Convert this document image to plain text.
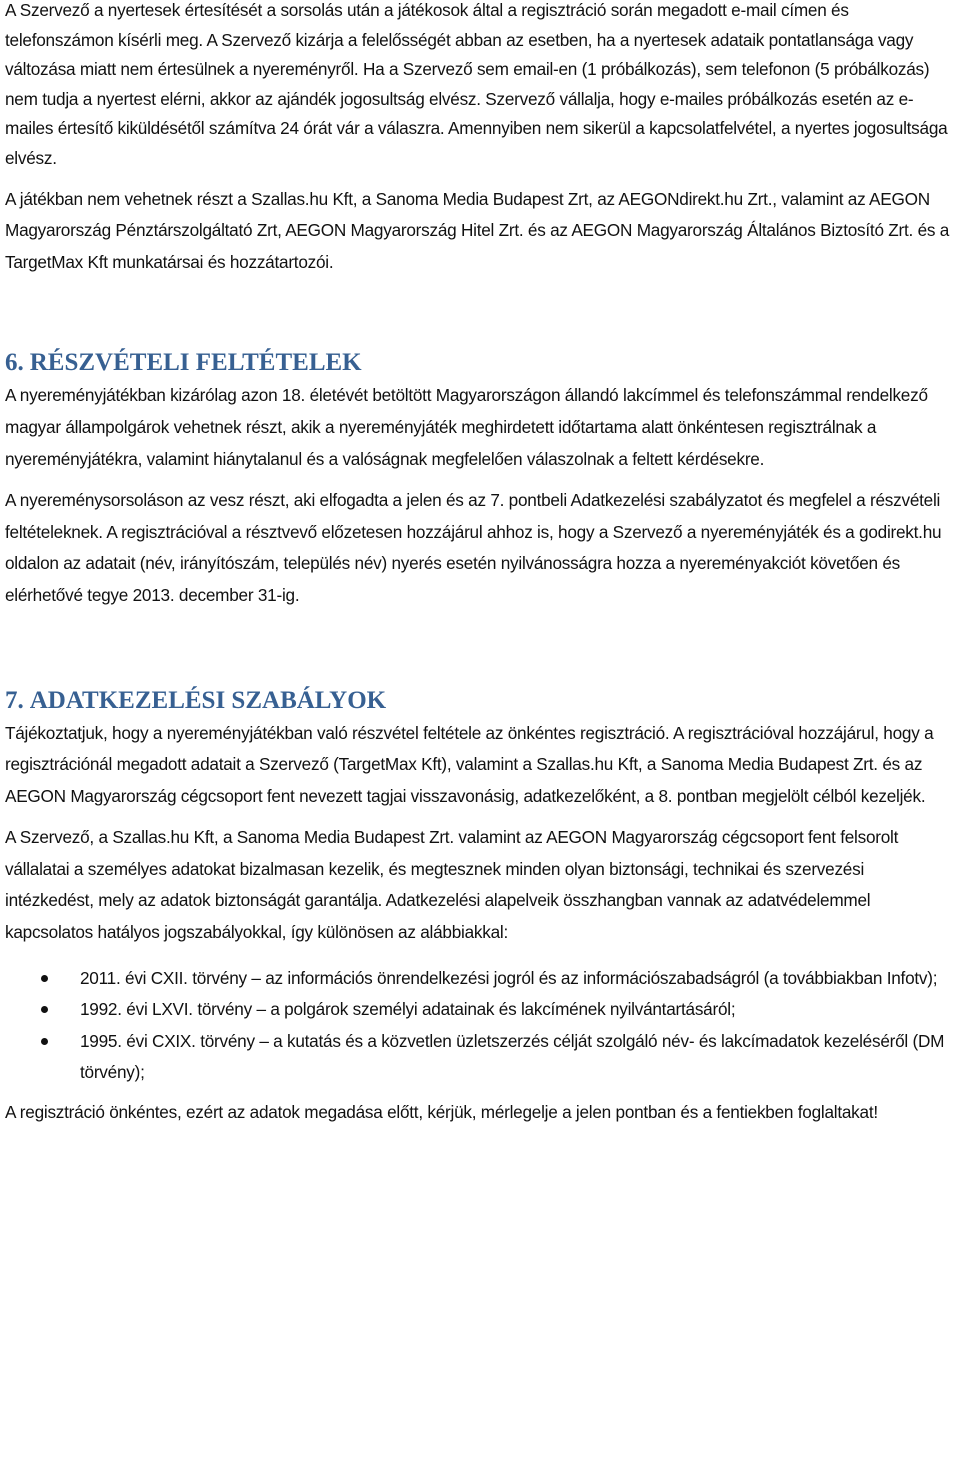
A Szervező a nyertesek értesítését a sorsolás után a játékosok által a regisztráció során megadott e-mail címen és telefonszámon kísérli meg. A Szervező kizárja a felelősségét abban az esetben, ha a nyertesek adataik pontatlansága vagy változása miatt nem értesülnek a nyereményről. Ha a Szervező sem email-en (1 próbálkozás), sem telefonon (5 próbálkozás) nem tudja a nyertest elérni, akkor az ajándék jogosultság elvész. Szervező vállalja, hogy e-mailes próbálkozás esetén az e-mailes értesítő kiküldésétől számítva 24 órát vár a válaszra. Amennyiben nem sikerül a kapcsolatfelvétel, a nyertes jogosultsága elvész.

A játékban nem vehetnek részt a Szallas.hu Kft, a Sanoma Media Budapest Zrt, az AEGONdirekt.hu Zrt., valamint az AEGON Magyarország Pénztárszolgáltató Zrt, AEGON Magyarország Hitel Zrt. és az AEGON Magyarország Általános Biztosító Zrt. és a TargetMax Kft munkatársai és hozzátartozói.

6. RÉSZVÉTELI FELTÉTELEK

A nyereményjátékban kizárólag azon 18. életévét betöltött Magyarországon állandó lakcímmel és telefonszámmal rendelkező magyar állampolgárok vehetnek részt, akik a nyereményjáték meghirdetett időtartama alatt önkéntesen regisztrálnak a nyereményjátékra, valamint hiánytalanul és a valóságnak megfelelően válaszolnak a feltett kérdésekre.

A nyereménysorsoláson az vesz részt, aki elfogadta a jelen és az 7. pontbeli Adatkezelési szabályzatot és megfelel a részvételi feltételeknek. A regisztrációval a résztvevő előzetesen hozzájárul ahhoz is, hogy a Szervező a nyereményjáték és a godirekt.hu oldalon az adatait (név, irányítószám, település név) nyerés esetén nyilvánosságra hozza a nyereményakciót követően és elérhetővé tegye 2013. december 31-ig.

7. ADATKEZELÉSI SZABÁLYOK

Tájékoztatjuk, hogy a nyereményjátékban való részvétel feltétele az önkéntes regisztráció. A regisztrációval hozzájárul, hogy a regisztrációnál megadott adatait a Szervező (TargetMax Kft), valamint a Szallas.hu Kft, a Sanoma Media Budapest Zrt. és az AEGON Magyarország cégcsoport fent nevezett tagjai visszavonásig, adatkezelőként, a 8. pontban megjelölt célból kezeljék.

A Szervező, a Szallas.hu Kft, a Sanoma Media Budapest Zrt. valamint az AEGON Magyarország cégcsoport fent felsorolt vállalatai a személyes adatokat bizalmasan kezelik, és megtesznek minden olyan biztonsági, technikai és szervezési intézkedést, mely az adatok biztonságát garantálja. Adatkezelési alapelveik összhangban vannak az adatvédelemmel kapcsolatos hatályos jogszabályokkal, így különösen az alábbiakkal:

2011. évi CXII. törvény – az információs önrendelkezési jogról és az információszabadságról (a továbbiakban Infotv);
1992. évi LXVI. törvény – a polgárok személyi adatainak és lakcímének nyilvántartásáról;
1995. évi CXIX. törvény – a kutatás és a közvetlen üzletszerzés célját szolgáló név- és lakcímadatok kezeléséről (DM törvény);

A regisztráció önkéntes, ezért az adatok megadása előtt, kérjük, mérlegelje a jelen pontban és a fentiekben foglaltakat!
